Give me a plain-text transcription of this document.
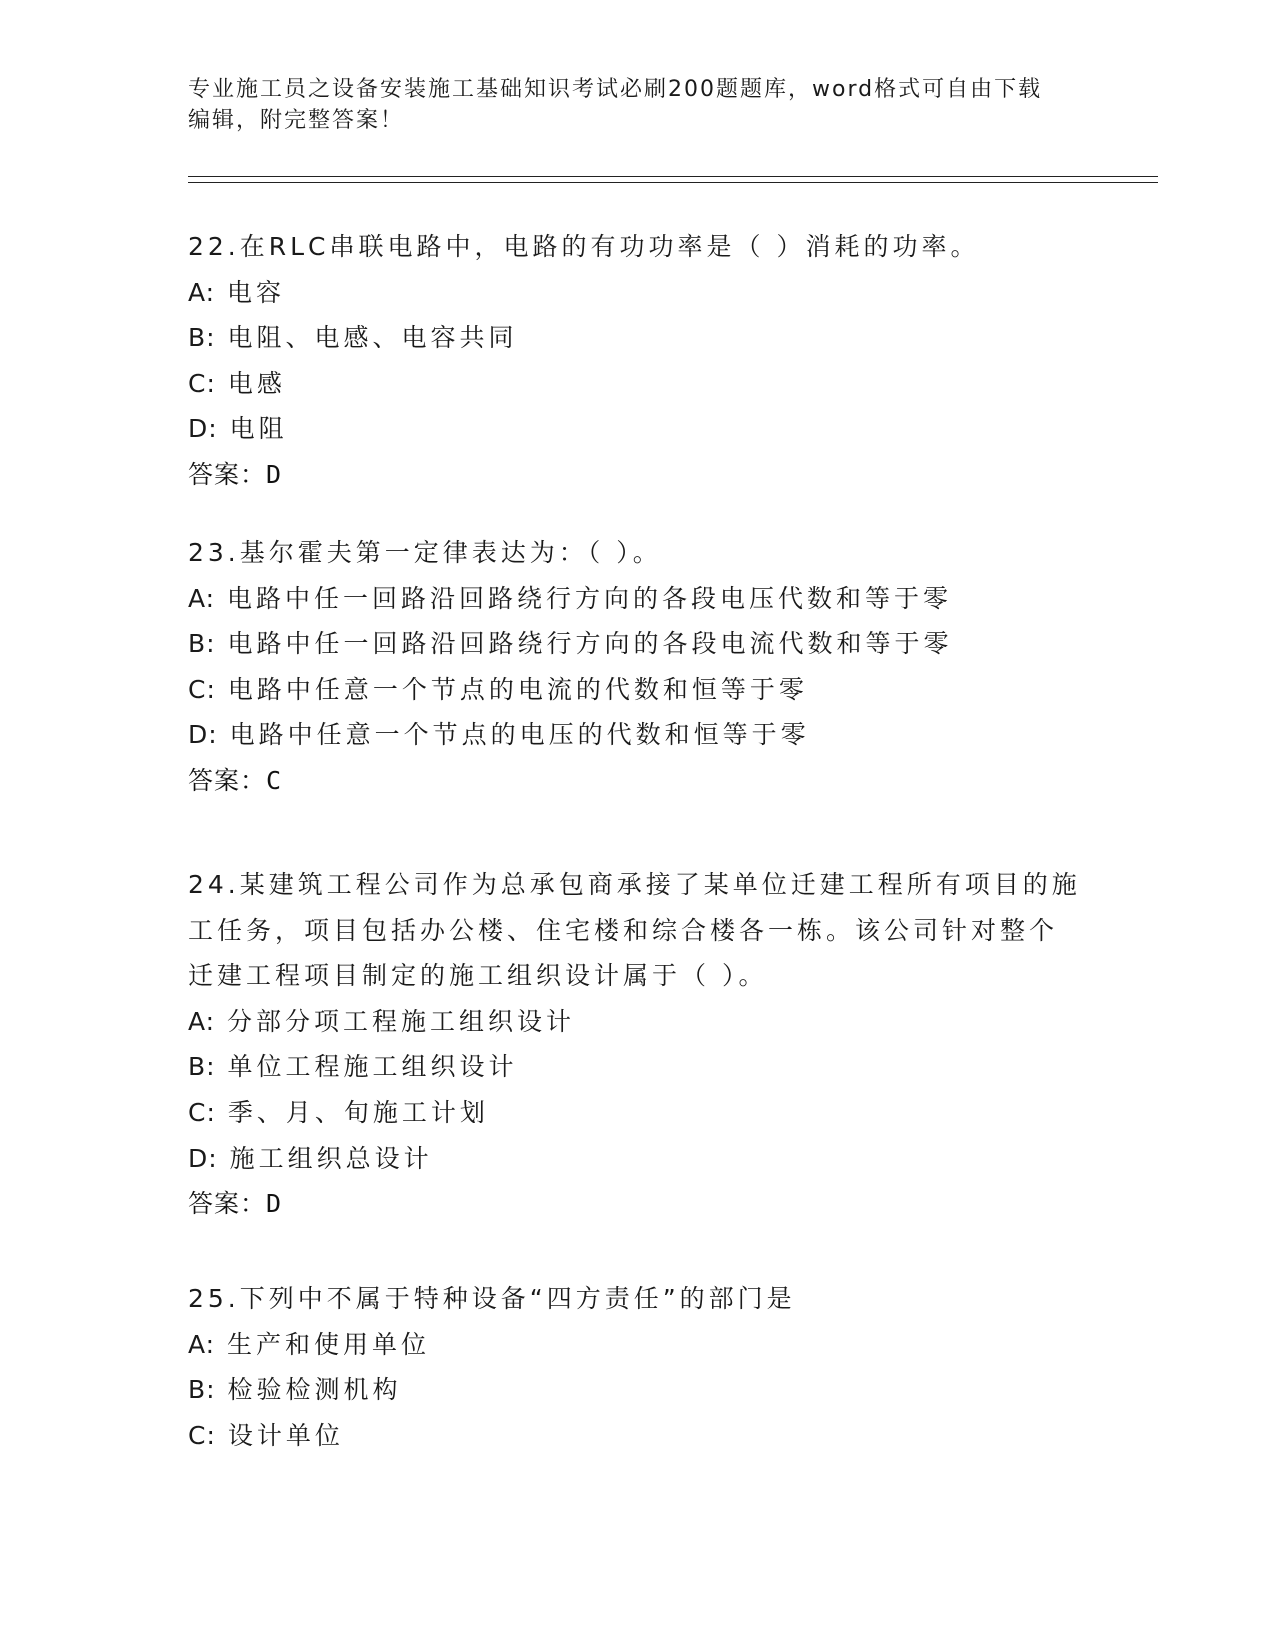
专业施工员之设备安装施工基础知识考试必刷200题题库，word格式可自由下载
编辑，附完整答案！
22.在RLC串联电路中，电路的有功功率是（ ）消耗的功率。
A: 电容
B: 电阻、电感、电容共同
C: 电感
D: 电阻
答案：D
23.基尔霍夫第一定律表达为：（ ）。
A: 电路中任一回路沿回路绕行方向的各段电压代数和等于零
B: 电路中任一回路沿回路绕行方向的各段电流代数和等于零
C: 电路中任意一个节点的电流的代数和恒等于零
D: 电路中任意一个节点的电压的代数和恒等于零
答案：C
24.某建筑工程公司作为总承包商承接了某单位迁建工程所有项目的施
工任务，项目包括办公楼、住宅楼和综合楼各一栋。该公司针对整个
迁建工程项目制定的施工组织设计属于（ ）。
A: 分部分项工程施工组织设计
B: 单位工程施工组织设计
C: 季、月、旬施工计划
D: 施工组织总设计
答案：D
25.下列中不属于特种设备“四方责任”的部门是
A: 生产和使用单位
B: 检验检测机构
C: 设计单位
